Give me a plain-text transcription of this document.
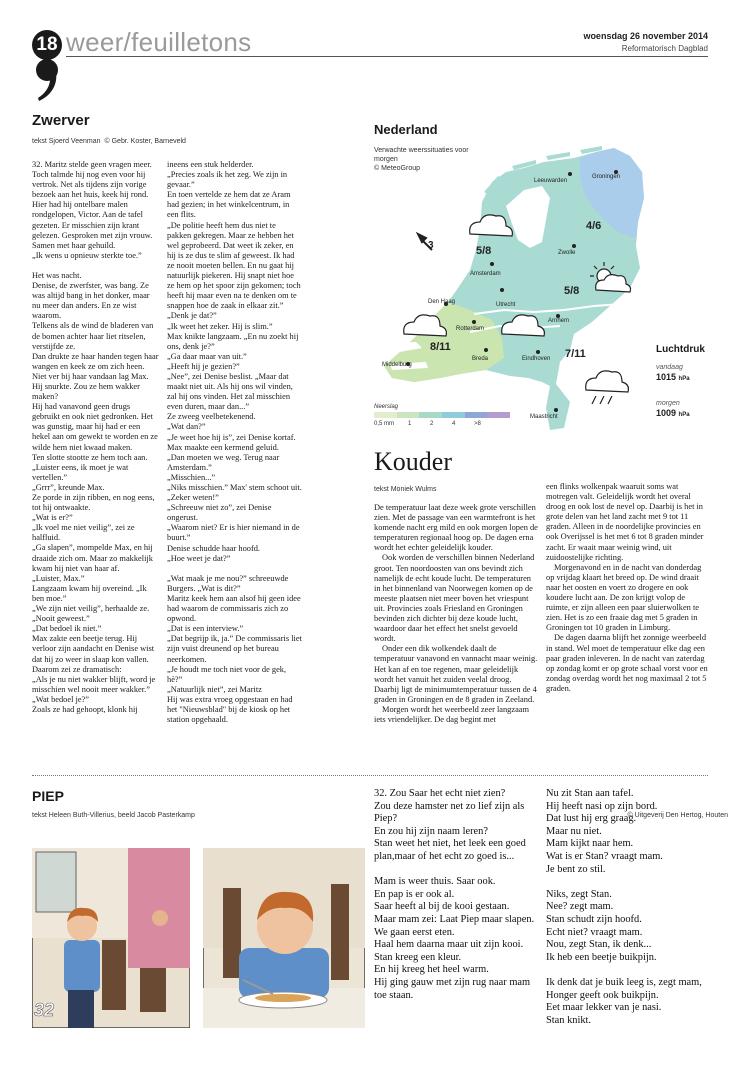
18 weer/feuilletons	woensdag 26 november 2014
Reformatorisch Dagblad
Zwerver
tekst Sjoerd Veenman © Gebr. Koster, Barneveld
32. Maritz stelde geen vragen meer. Toch talmde hij nog even voor hij vertrok. Net als tijdens zijn vorige bezoek aan het huis, keek hij rond.
Hier had hij ontelbare malen rondgelopen, Victor. Aan de tafel gezeten. Er misschien zijn krant gelezen. Gesproken met zijn vrouw. Samen met haar gehuild.
„Ik wens u opnieuw sterkte toe.”
Het was nacht.
Denise, de zwerfster, was bang. Ze was altijd bang in het donker, maar nu meer dan anders. En ze wist waarom.
Telkens als de wind de bladeren van de bomen achter haar liet ritselen, verstijfde ze.
Dan drukte ze haar handen tegen haar wangen en keek ze om zich heen.
Niet ver bij haar vandaan lag Max. Hij snurkte. Zou ze hem wakker maken?
Hij had vanavond geen drugs gebruikt en ook niet gedronken. Het was gunstig, maar hij had er een hekel aan om gewekt te worden en ze wilde hem niet kwaad maken.
Ten slotte stootte ze hem toch aan.
„Luister eens, ik moet je wat vertellen.”
„Grrr”, kreunde Max.
Ze porde in zijn ribben, en nog eens, tot hij ontwaakte.
„Wat is er?”
„Ik voel me niet veilig”, zei ze halfluid.
„Ga slapen”, mompelde Max, en hij draaide zich om. Maar zo makkelijk kwam hij niet van haar af.
„Luister, Max.”
Langzaam kwam hij overeind. „Ik ben moe.”
„We zijn niet veilig”, herhaalde ze. „Nooit geweest.”
„Dat bedoel ik niet.”
Max zakte een beetje terug. Hij verloor zijn aandacht en Denise wist dat hij zo weer in slaap kon vallen. Daarom zei ze dramatisch:
„Als je nu niet wakker blijft, word je misschien wel nooit meer wakker.”
„Wat bedoel je?”
Zoals ze had gehoopt, klonk hij
ineens een stuk helderder.
„Precies zoals ik het zeg. We zijn in gevaar.”
En toen vertelde ze hem dat ze Aram had gezien; in het winkelcentrum, in een flits.
„De politie heeft hem dus niet te pakken gekregen. Maar ze hebben het wel geprobeerd. Dat weet ik zeker, en hij is ze dus te slim af geweest. Ik had ze nooit moeten bellen. En nu gaat hij natuurlijk piekeren. Hij snapt niet hoe ze hem op het spoor zijn gekomen; toch heeft hij maar even na te denken om te snappen hoe de zaak in elkaar zit.”
„Denk je dat?”
„Ik weet het zeker. Hij is slim.”
Max knikte langzaam. „En nu zoekt hij ons, denk je?”
„Ga daar maar van uit.”
„Heeft hij je gezien?”
„Nee”, zei Denise beslist. „Maar dat maakt niet uit. Als hij ons wil vinden, zal hij ons vinden. Het zal misschien even duren, maar dan...”
Ze zweeg veelbetekenend.
„Wat dan?”
„Je weet hoe hij is”, zei Denise kortaf.
Max maakte een kermend geluid.
„Dan moeten we weg. Terug naar Amsterdam.”
„Misschien...”
„Niks misschien.” Max' stem schoot uit. „Zeker weten!”
„Schreeuw niet zo”, zei Denise ongerust.
„Waarom niet? Er is hier niemand in de buurt.”
Denise schudde haar hoofd.
„Hoe weet je dat?”
„Wat maak je me nou?” schreeuwde Burgers. „Wat is dit?”
Maritz keek hem aan alsof hij geen idee had waarom de commissaris zich zo opwond.
„Dat is een interview.”
„Dat begrijp ik, ja.” De commissaris liet zijn vuist dreunend op het bureau neerkomen.
„Je houdt me toch niet voor de gek, hè?”
„Natuurlijk niet”, zei Maritz
Hij was extra vroeg opgestaan en had het "Nieuwsblad" bij de kiosk op het station opgehaald.
Nederland
Verwachte weerssituaties voor morgen
© MeteoGroup
Leeuwarden
Groningen
Zwolle
Amsterdam
Den Haag	Utrecht
Rotterdam
Arnhem
Breda	Eindhoven
Middelburg
Maastricht
5/8
4/6
5/8
8/11
7/11
3
Luchtdruk
vandaag
1015 hPa
morgen
1009 hPa
Neerslag
0,5 mm 1	2	4	>8
Kouder
tekst Moniek Wulms
De temperatuur laat deze week grote verschillen zien. Met de passage van een warmtefront is het komende nacht erg mild en ook morgen lopen de temperaturen regionaal hoog op. De dagen erna wordt het echter geleidelijk kouder.
Ook worden de verschillen binnen Nederland groot. Ten noordoosten van ons bevindt zich namelijk de echt koude lucht. De temperaturen in het binnenland van Noorwegen komen op de meeste plaatsen niet meer boven het vriespunt uit. Provincies zoals Friesland en Groningen bevinden zich dichter bij deze koude lucht, waardoor daar het effect het snelst gevoeld wordt.
Onder een dik wolkendek daalt de temperatuur vanavond en vannacht maar weinig. Het kan af en toe regenen, maar geleidelijk wordt het vanuit het zuiden veelal droog. Daarbij ligt de minimumtemperatuur tussen de 4 graden in Groningen en de 8 graden in Zeeland.
Morgen wordt het weerbeeld zeer langzaam iets vriendelijker. De dag begint met
een flinks wolkenpak waaruit soms wat motregen valt. Geleidelijk wordt het overal droog en ook lost de nevel op. Daarbij is het in grote delen van het land zacht met 9 tot 11 graden. Alleen in de noordelijke provincies en ook Overijssel is het met 6 tot 8 graden minder zacht. Er waait maar weinig wind, uit zuidoostelijke richting.
Morgenavond en in de nacht van donderdag op vrijdag klaart het breed op. De wind draait naar het oosten en voert zo drogere en ook koudere lucht aan. De zon krijgt volop de ruimte, er zijn alleen een paar sluierwolken te zien. Het is zo een fraaie dag met 5 graden in Groningen tot 10 graden in Limburg.
De dagen daarna blijft het zonnige weerbeeld in stand. Wel moet de temperatuur elke dag een paar graden inleveren. In de nacht van zaterdag op zondag komt er op grote schaal vorst voor en zondag overdag wordt het nog maximaal 2 tot 5 graden.
PIEP
tekst Heleen Buth-Villerius, beeld Jacob Pasterkamp	© Uitgeverij Den Hertog, Houten
32
32. Zou Saar het echt niet zien?
Zou deze hamster net zo lief zijn als Piep?
En zou hij zijn naam leren?
Stan weet het niet, het leek een goed plan,maar of het echt zo goed is...
Mam is weer thuis. Saar ook.
En pap is er ook al.
Saar heeft al bij de kooi gestaan.
Maar mam zei: Laat Piep maar slapen. We gaan eerst eten.
Haal hem daarna maar uit zijn kooi.
Stan kreeg een kleur.
En hij kreeg het heel warm.
Hij ging gauw met zijn rug naar mam toe staan.
Nu zit Stan aan tafel.
Hij heeft nasi op zijn bord.
Dat lust hij erg graag.
Maar nu niet.
Mam kijkt naar hem.
Wat is er Stan? vraagt mam.
Je bent zo stil.
Niks, zegt Stan.
Nee? zegt mam.
Stan schudt zijn hoofd.
Echt niet? vraagt mam.
Nou, zegt Stan, ik denk...
Ik heb een beetje buikpijn.
Ik denk dat je buik leeg is, zegt mam,
Honger geeft ook buikpijn.
Eet maar lekker van je nasi.
Stan knikt.
